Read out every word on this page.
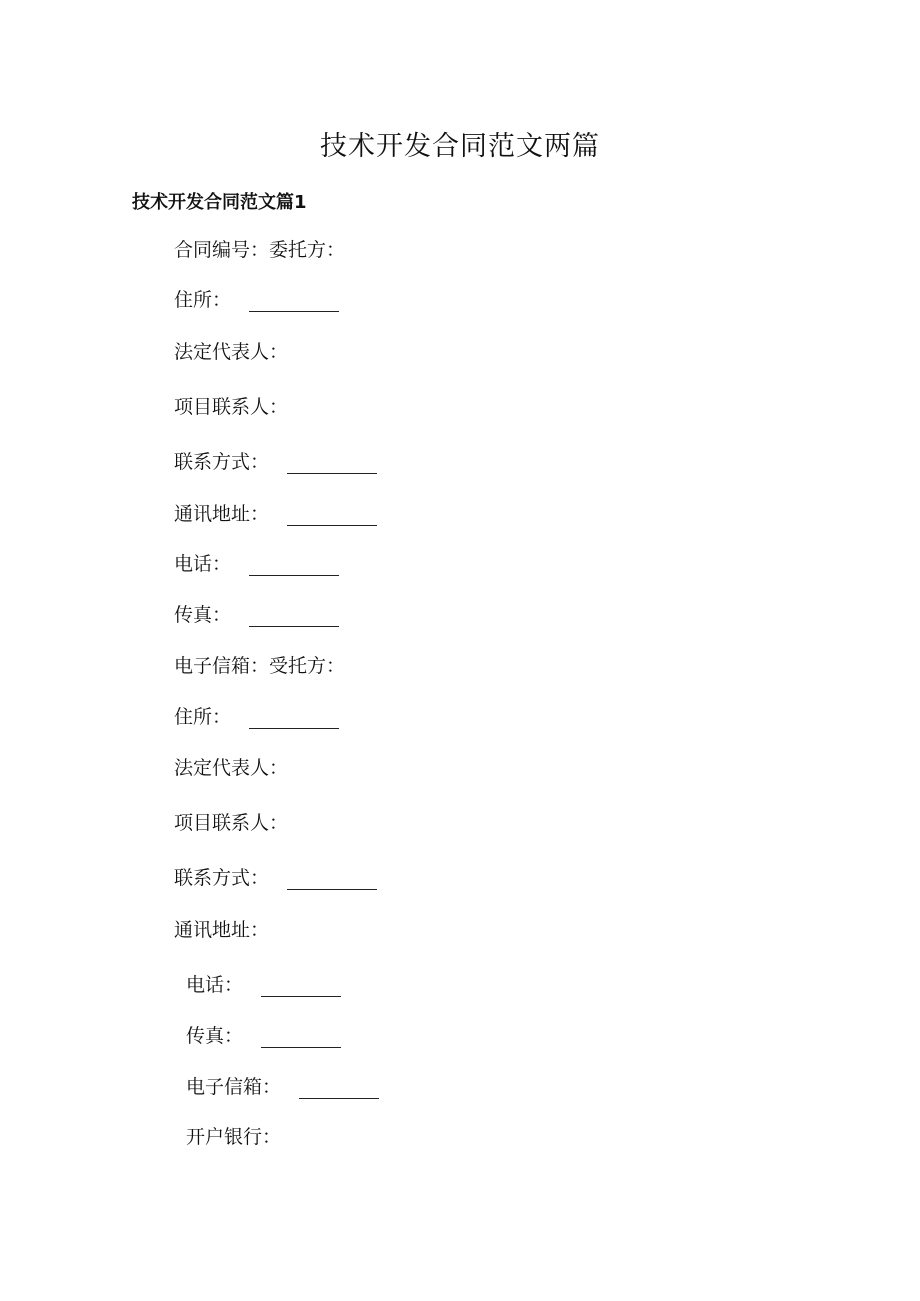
技术开发合同范文两篇
技术开发合同范文篇1
合同编号：委托方：
住所：
法定代表人：
项目联系人：
联系方式：
通讯地址：
电话：
传真：
电子信箱：受托方：
住所：
法定代表人：
项目联系人：
联系方式：
通讯地址：
电话：
传真：
电子信箱：
开户银行：
